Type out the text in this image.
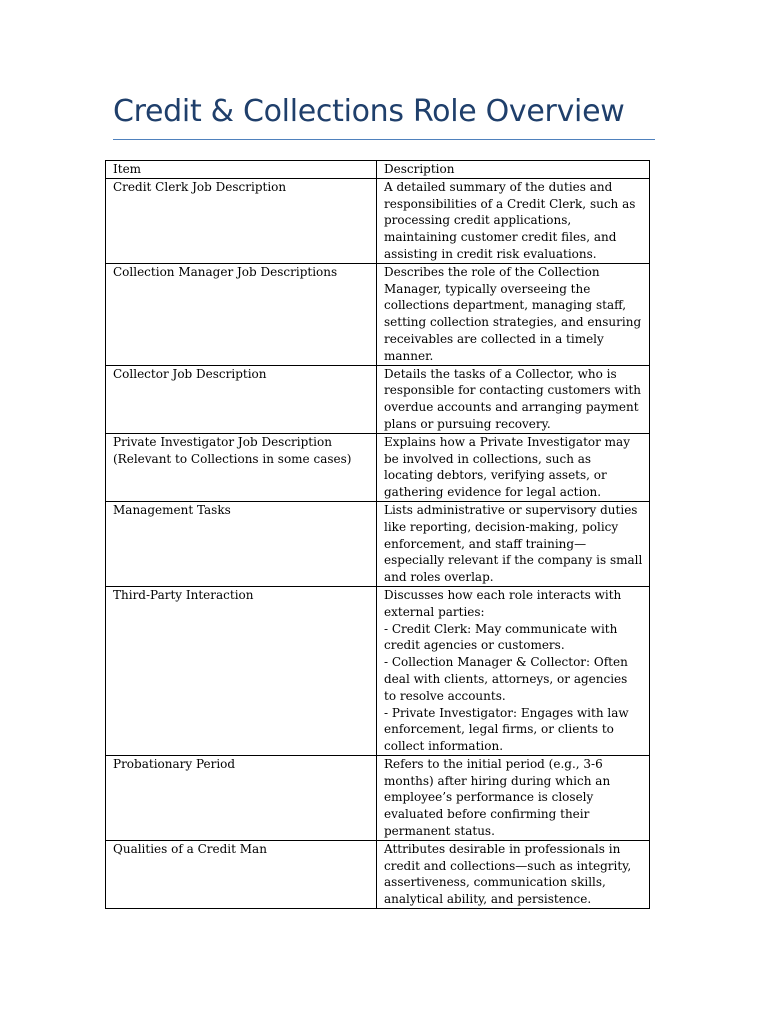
Credit & Collections Role Overview
Item	Description
Credit Clerk Job Description	A detailed summary of the duties and responsibilities of a Credit Clerk, such as processing credit applications, maintaining customer credit files, and assisting in credit risk evaluations.
Collection Manager Job Descriptions	Describes the role of the Collection Manager, typically overseeing the collections department, managing staff, setting collection strategies, and ensuring receivables are collected in a timely manner.
Collector Job Description	Details the tasks of a Collector, who is responsible for contacting customers with overdue accounts and arranging payment plans or pursuing recovery.
Private Investigator Job Description (Relevant to Collections in some cases)	Explains how a Private Investigator may be involved in collections, such as locating debtors, verifying assets, or gathering evidence for legal action.
Management Tasks	Lists administrative or supervisory duties like reporting, decision-making, policy enforcement, and staff training—especially relevant if the company is small and roles overlap.
Third-Party Interaction	Discusses how each role interacts with external parties:
- Credit Clerk: May communicate with credit agencies or customers.
- Collection Manager & Collector: Often deal with clients, attorneys, or agencies to resolve accounts.
- Private Investigator: Engages with law enforcement, legal firms, or clients to collect information.

Probationary Period	Refers to the initial period (e.g., 3-6 months) after hiring during which an employee’s performance is closely evaluated before confirming their permanent status.
Qualities of a Credit Man	Attributes desirable in professionals in credit and collections—such as integrity, assertiveness, communication skills, analytical ability, and persistence.
